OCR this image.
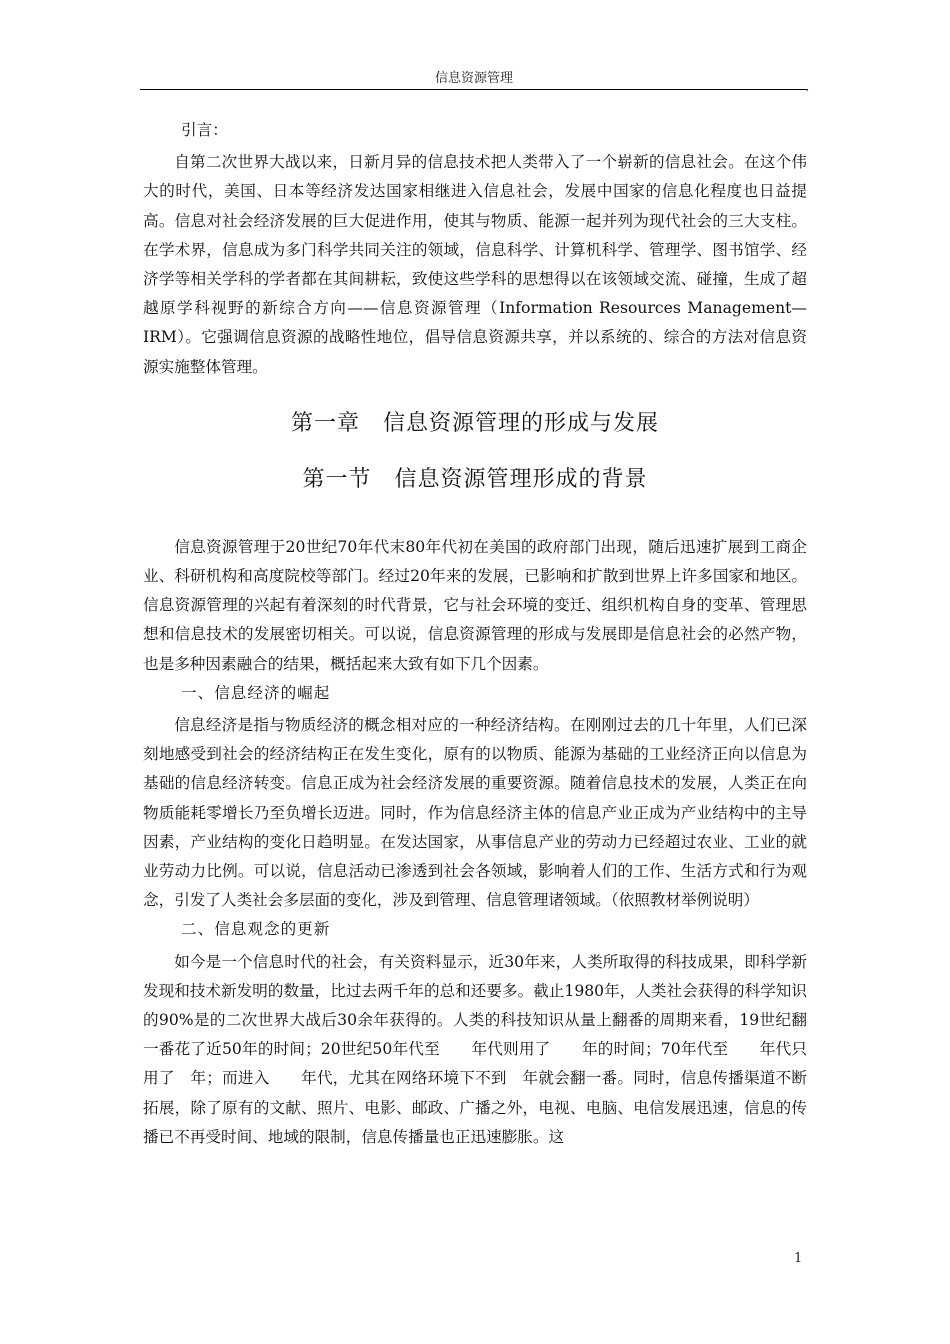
信息资源管理
,

引言：

自第二次世界大战以来，日新月异的信息技术把人类带入了一个崭新的信息社会。在这个伟大的时代，美国、日本等经济发达国家相继进入信息社会，发展中国家的信息化程度也日益提高。信息对社会经济发展的巨大促进作用，使其与物质、能源一起并列为现代社会的三大支柱。在学术界，信息成为多门科学共同关注的领域，信息科学、计算机科学、管理学、图书馆学、经济学等相关学科的学者都在其间耕耘，致使这些学科的思想得以在该领域交流、碰撞，生成了超越原学科视野的新综合方向——信息资源管理（Information Resources Management—IRM）。它强调信息资源的战略性地位，倡导信息资源共享，并以系统的、综合的方法对信息资源实施整体管理。

第一章　信息资源管理的形成与发展
第一节　信息资源管理形成的背景

信息资源管理于20世纪70年代末80年代初在美国的政府部门出现，随后迅速扩展到工商企业、科研机构和高度院校等部门。经过20年来的发展，已影响和扩散到世界上许多国家和地区。信息资源管理的兴起有着深刻的时代背景，它与社会环境的变迁、组织机构自身的变革、管理思想和信息技术的发展密切相关。可以说，信息资源管理的形成与发展即是信息社会的必然产物，也是多种因素融合的结果，概括起来大致有如下几个因素。

一、信息经济的崛起

信息经济是指与物质经济的概念相对应的一种经济结构。在刚刚过去的几十年里，人们已深刻地感受到社会的经济结构正在发生变化，原有的以物质、能源为基础的工业经济正向以信息为基础的信息经济转变。信息正成为社会经济发展的重要资源。随着信息技术的发展，人类正在向物质能耗零增长乃至负增长迈进。同时，作为信息经济主体的信息产业正成为产业结构中的主导因素，产业结构的变化日趋明显。在发达国家，从事信息产业的劳动力已经超过农业、工业的就业劳动力比例。可以说，信息活动已渗透到社会各领域，影响着人们的工作、生活方式和行为观念，引发了人类社会多层面的变化，涉及到管理、信息管理诸领域。（依照教材举例说明）

二、信息观念的更新

如今是一个信息时代的社会，有关资料显示，近30年来，人类所取得的科技成果，即科学新发现和技术新发明的数量，比过去两千年的总和还要多。截止1980年，人类社会获得的科学知识的90%是的二次世界大战后30余年获得的。人类的科技知识从量上翻番的周期来看，19世纪翻一番花了近50年的时间；20世纪50年代至　　年代则用了　　年的时间；70年代至　　年代只用了　年；而进入　　年代，尤其在网络环境下不到　年就会翻一番。同时，信息传播渠道不断拓展，除了原有的文献、照片、电影、邮政、广播之外，电视、电脑、电信发展迅速，信息的传播已不再受时间、地域的限制，信息传播量也正迅速膨胀。这

1
